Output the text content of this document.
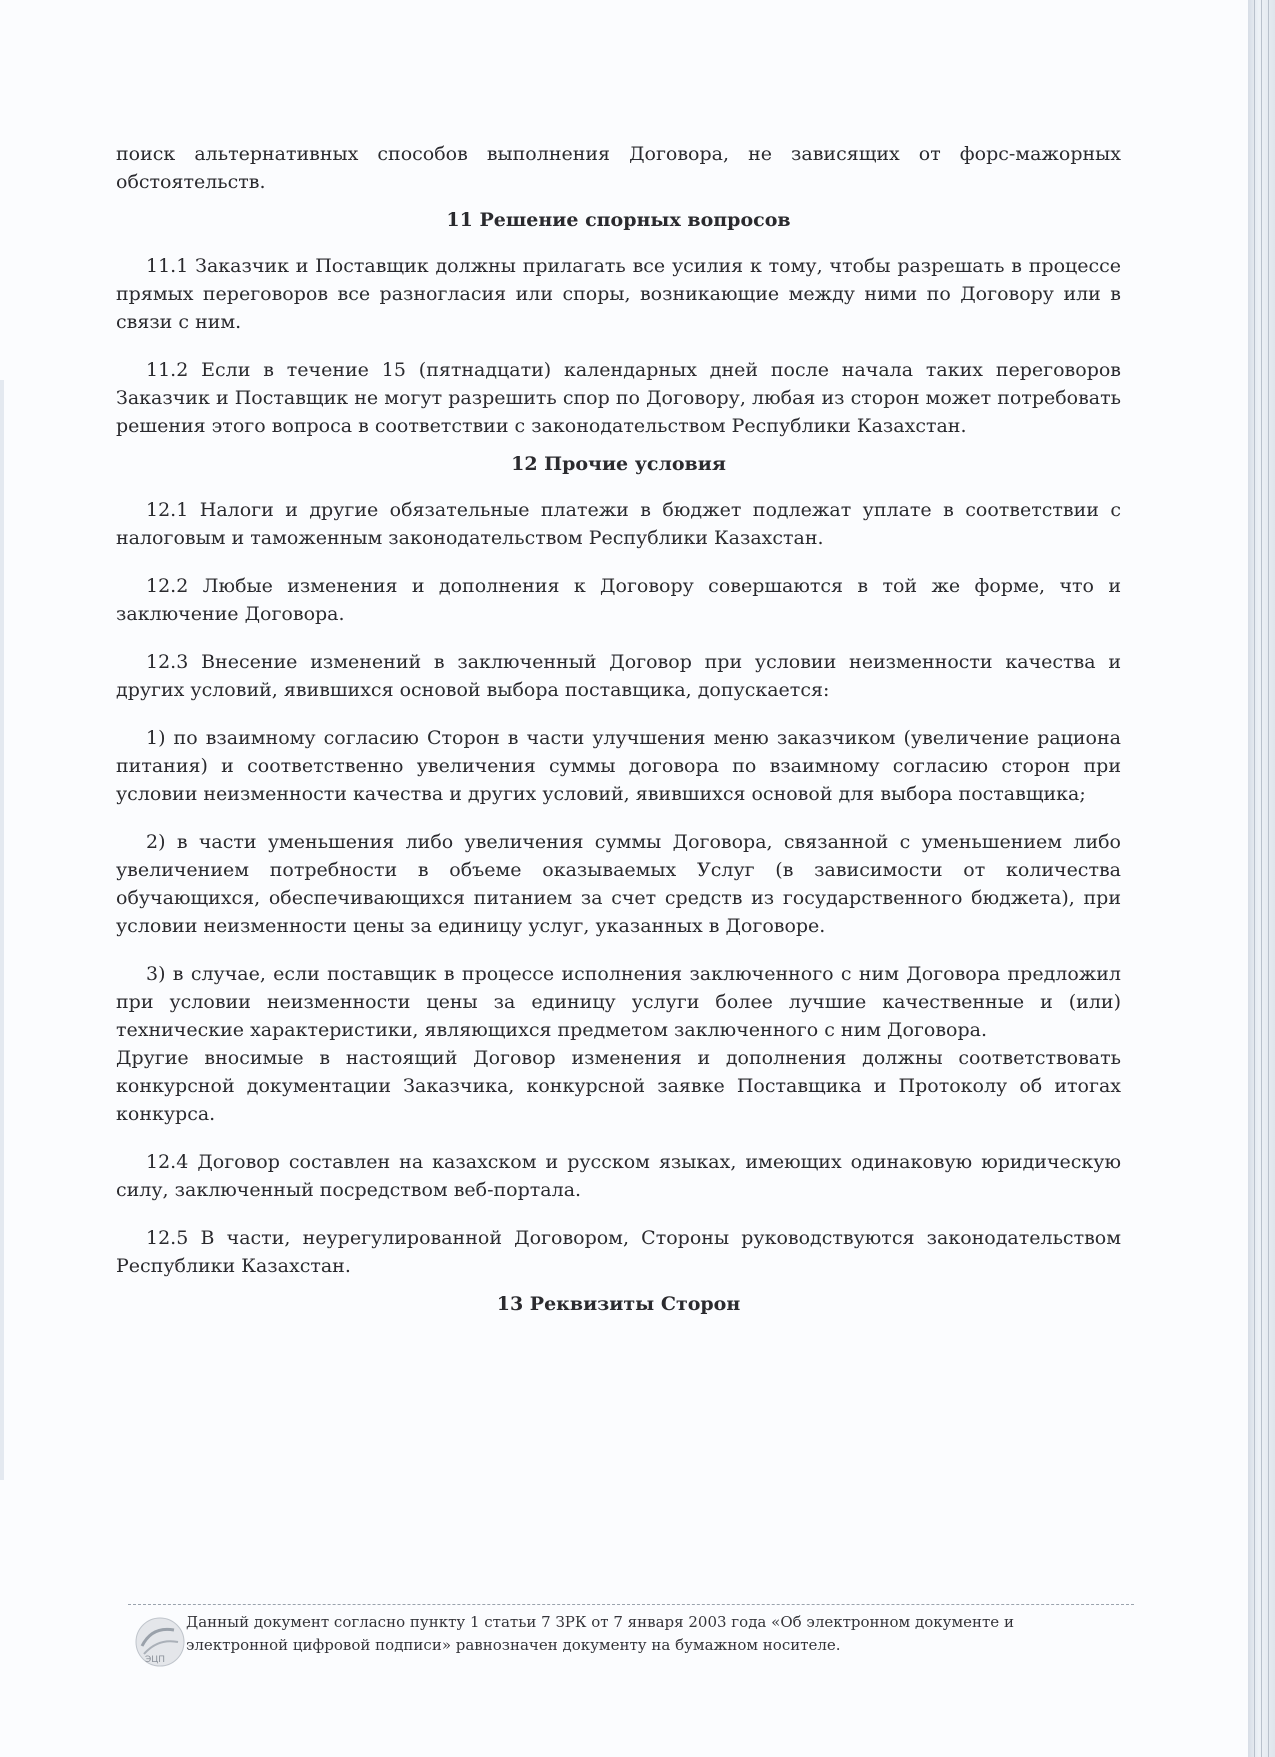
поиск альтернативных способов выполнения Договора, не зависящих от форс-мажорных обстоятельств.

11 Решение спорных вопросов

11.1 Заказчик и Поставщик должны прилагать все усилия к тому, чтобы разрешать в процессе прямых переговоров все разногласия или споры, возникающие между ними по Договору или в связи с ним.

11.2 Если в течение 15 (пятнадцати) календарных дней после начала таких переговоров Заказчик и Поставщик не могут разрешить спор по Договору, любая из сторон может потребовать решения этого вопроса в соответствии с законодательством Республики Казахстан.

12 Прочие условия

12.1 Налоги и другие обязательные платежи в бюджет подлежат уплате в соответствии с налоговым и таможенным законодательством Республики Казахстан.

12.2 Любые изменения и дополнения к Договору совершаются в той же форме, что и заключение Договора.

12.3 Внесение изменений в заключенный Договор при условии неизменности качества и других условий, явившихся основой выбора поставщика, допускается:

1) по взаимному согласию Сторон в части улучшения меню заказчиком (увеличение рациона питания) и соответственно увеличения суммы договора по взаимному согласию сторон при условии неизменности качества и других условий, явившихся основой для выбора поставщика;

2) в части уменьшения либо увеличения суммы Договора, связанной с уменьшением либо увеличением потребности в объеме оказываемых Услуг (в зависимости от количества обучающихся, обеспечивающихся питанием за счет средств из государственного бюджета), при условии неизменности цены за единицу услуг, указанных в Договоре.

3) в случае, если поставщик в процессе исполнения заключенного с ним Договора предложил при условии неизменности цены за единицу услуги более лучшие качественные и (или) технические характеристики, являющихся предметом заключенного с ним Договора.

Другие вносимые в настоящий Договор изменения и дополнения должны соответствовать конкурсной документации Заказчика, конкурсной заявке Поставщика и Протоколу об итогах конкурса.

12.4 Договор составлен на казахском и русском языках, имеющих одинаковую юридическую силу, заключенный посредством веб-портала.

12.5 В части, неурегулированной Договором, Стороны руководствуются законодательством Республики Казахстан.

13 Реквизиты Сторон
ЭЦП
Данный документ согласно пункту 1 статьи 7 ЗРК от 7 января 2003 года «Об электронном документе и электронной цифровой подписи» равнозначен документу на бумажном носителе.
